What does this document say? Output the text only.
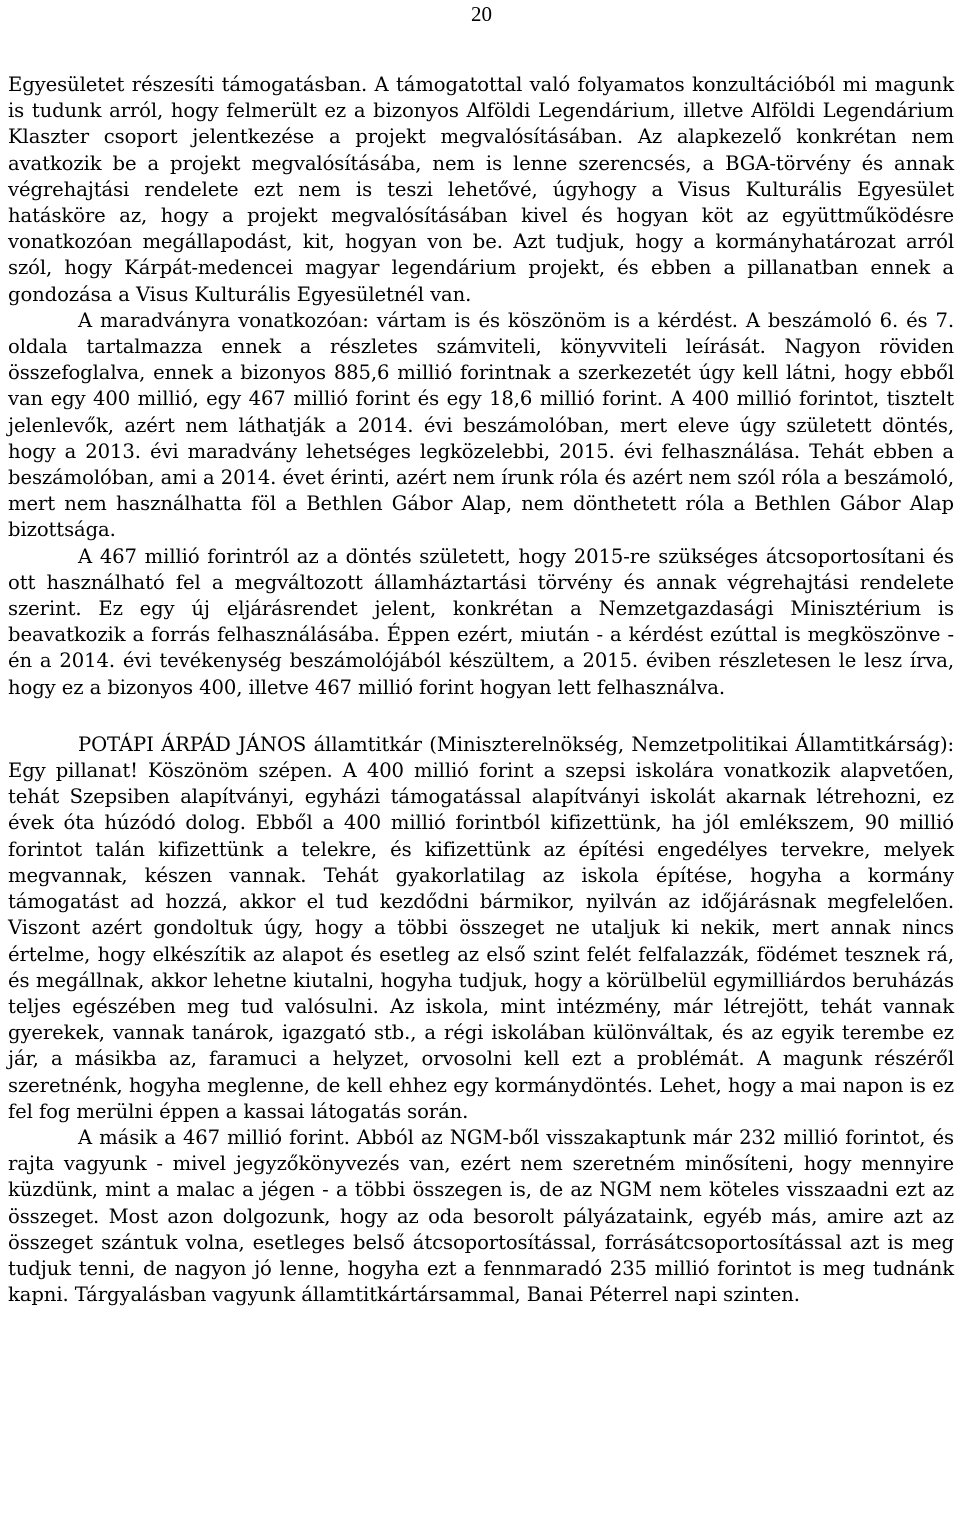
20

Egyesületet részesíti támogatásban. A támogatottal való folyamatos konzultációból mi magunk is tudunk arról, hogy felmerült ez a bizonyos Alföldi Legendárium, illetve Alföldi Legendárium Klaszter csoport jelentkezése a projekt megvalósításában. Az alapkezelő konkrétan nem avatkozik be a projekt megvalósításába, nem is lenne szerencsés, a BGA-törvény és annak végrehajtási rendelete ezt nem is teszi lehetővé, úgyhogy a Visus Kulturális Egyesület hatásköre az, hogy a projekt megvalósításában kivel és hogyan köt az együttműködésre vonatkozóan megállapodást, kit, hogyan von be. Azt tudjuk, hogy a kormányhatározat arról szól, hogy Kárpát-medencei magyar legendárium projekt, és ebben a pillanatban ennek a gondozása a Visus Kulturális Egyesületnél van.

A maradványra vonatkozóan: vártam is és köszönöm is a kérdést. A beszámoló 6. és 7. oldala tartalmazza ennek a részletes számviteli, könyvviteli leírását. Nagyon röviden összefoglalva, ennek a bizonyos 885,6 millió forintnak a szerkezetét úgy kell látni, hogy ebből van egy 400 millió, egy 467 millió forint és egy 18,6 millió forint. A 400 millió forintot, tisztelt jelenlevők, azért nem láthatják a 2014. évi beszámolóban, mert eleve úgy született döntés, hogy a 2013. évi maradvány lehetséges legközelebbi, 2015. évi felhasználása. Tehát ebben a beszámolóban, ami a 2014. évet érinti, azért nem írunk róla és azért nem szól róla a beszámoló, mert nem használhatta föl a Bethlen Gábor Alap, nem dönthetett róla a Bethlen Gábor Alap bizottsága.

A 467 millió forintról az a döntés született, hogy 2015-re szükséges átcsoportosítani és ott használható fel a megváltozott államháztartási törvény és annak végrehajtási rendelete szerint. Ez egy új eljárásrendet jelent, konkrétan a Nemzetgazdasági Minisztérium is beavatkozik a forrás felhasználásába. Éppen ezért, miután - a kérdést ezúttal is megköszönve - én a 2014. évi tevékenység beszámolójából készültem, a 2015. éviben részletesen le lesz írva, hogy ez a bizonyos 400, illetve 467 millió forint hogyan lett felhasználva.

POTÁPI ÁRPÁD JÁNOS államtitkár (Miniszterelnökség, Nemzetpolitikai Államtitkárság): Egy pillanat! Köszönöm szépen. A 400 millió forint a szepsi iskolára vonatkozik alapvetően, tehát Szepsiben alapítványi, egyházi támogatással alapítványi iskolát akarnak létrehozni, ez évek óta húzódó dolog. Ebből a 400 millió forintból kifizettünk, ha jól emlékszem, 90 millió forintot talán kifizettünk a telekre, és kifizettünk az építési engedélyes tervekre, melyek megvannak, készen vannak. Tehát gyakorlatilag az iskola építése, hogyha a kormány támogatást ad hozzá, akkor el tud kezdődni bármikor, nyilván az időjárásnak megfelelően. Viszont azért gondoltuk úgy, hogy a többi összeget ne utaljuk ki nekik, mert annak nincs értelme, hogy elkészítik az alapot és esetleg az első szint felét felfalazzák, födémet tesznek rá, és megállnak, akkor lehetne kiutalni, hogyha tudjuk, hogy a körülbelül egymilliárdos beruházás teljes egészében meg tud valósulni. Az iskola, mint intézmény, már létrejött, tehát vannak gyerekek, vannak tanárok, igazgató stb., a régi iskolában különváltak, és az egyik terembe ez jár, a másikba az, faramuci a helyzet, orvosolni kell ezt a problémát. A magunk részéről szeretnénk, hogyha meglenne, de kell ehhez egy kormánydöntés. Lehet, hogy a mai napon is ez fel fog merülni éppen a kassai látogatás során.

A másik a 467 millió forint. Abból az NGM-ből visszakaptunk már 232 millió forintot, és rajta vagyunk - mivel jegyzőkönyvezés van, ezért nem szeretném minősíteni, hogy mennyire küzdünk, mint a malac a jégen - a többi összegen is, de az NGM nem köteles visszaadni ezt az összeget. Most azon dolgozunk, hogy az oda besorolt pályázataink, egyéb más, amire azt az összeget szántuk volna, esetleges belső átcsoportosítással, forrásátcsoportosítással azt is meg tudjuk tenni, de nagyon jó lenne, hogyha ezt a fennmaradó 235 millió forintot is meg tudnánk kapni. Tárgyalásban vagyunk államtitkártársammal, Banai Péterrel napi szinten.
